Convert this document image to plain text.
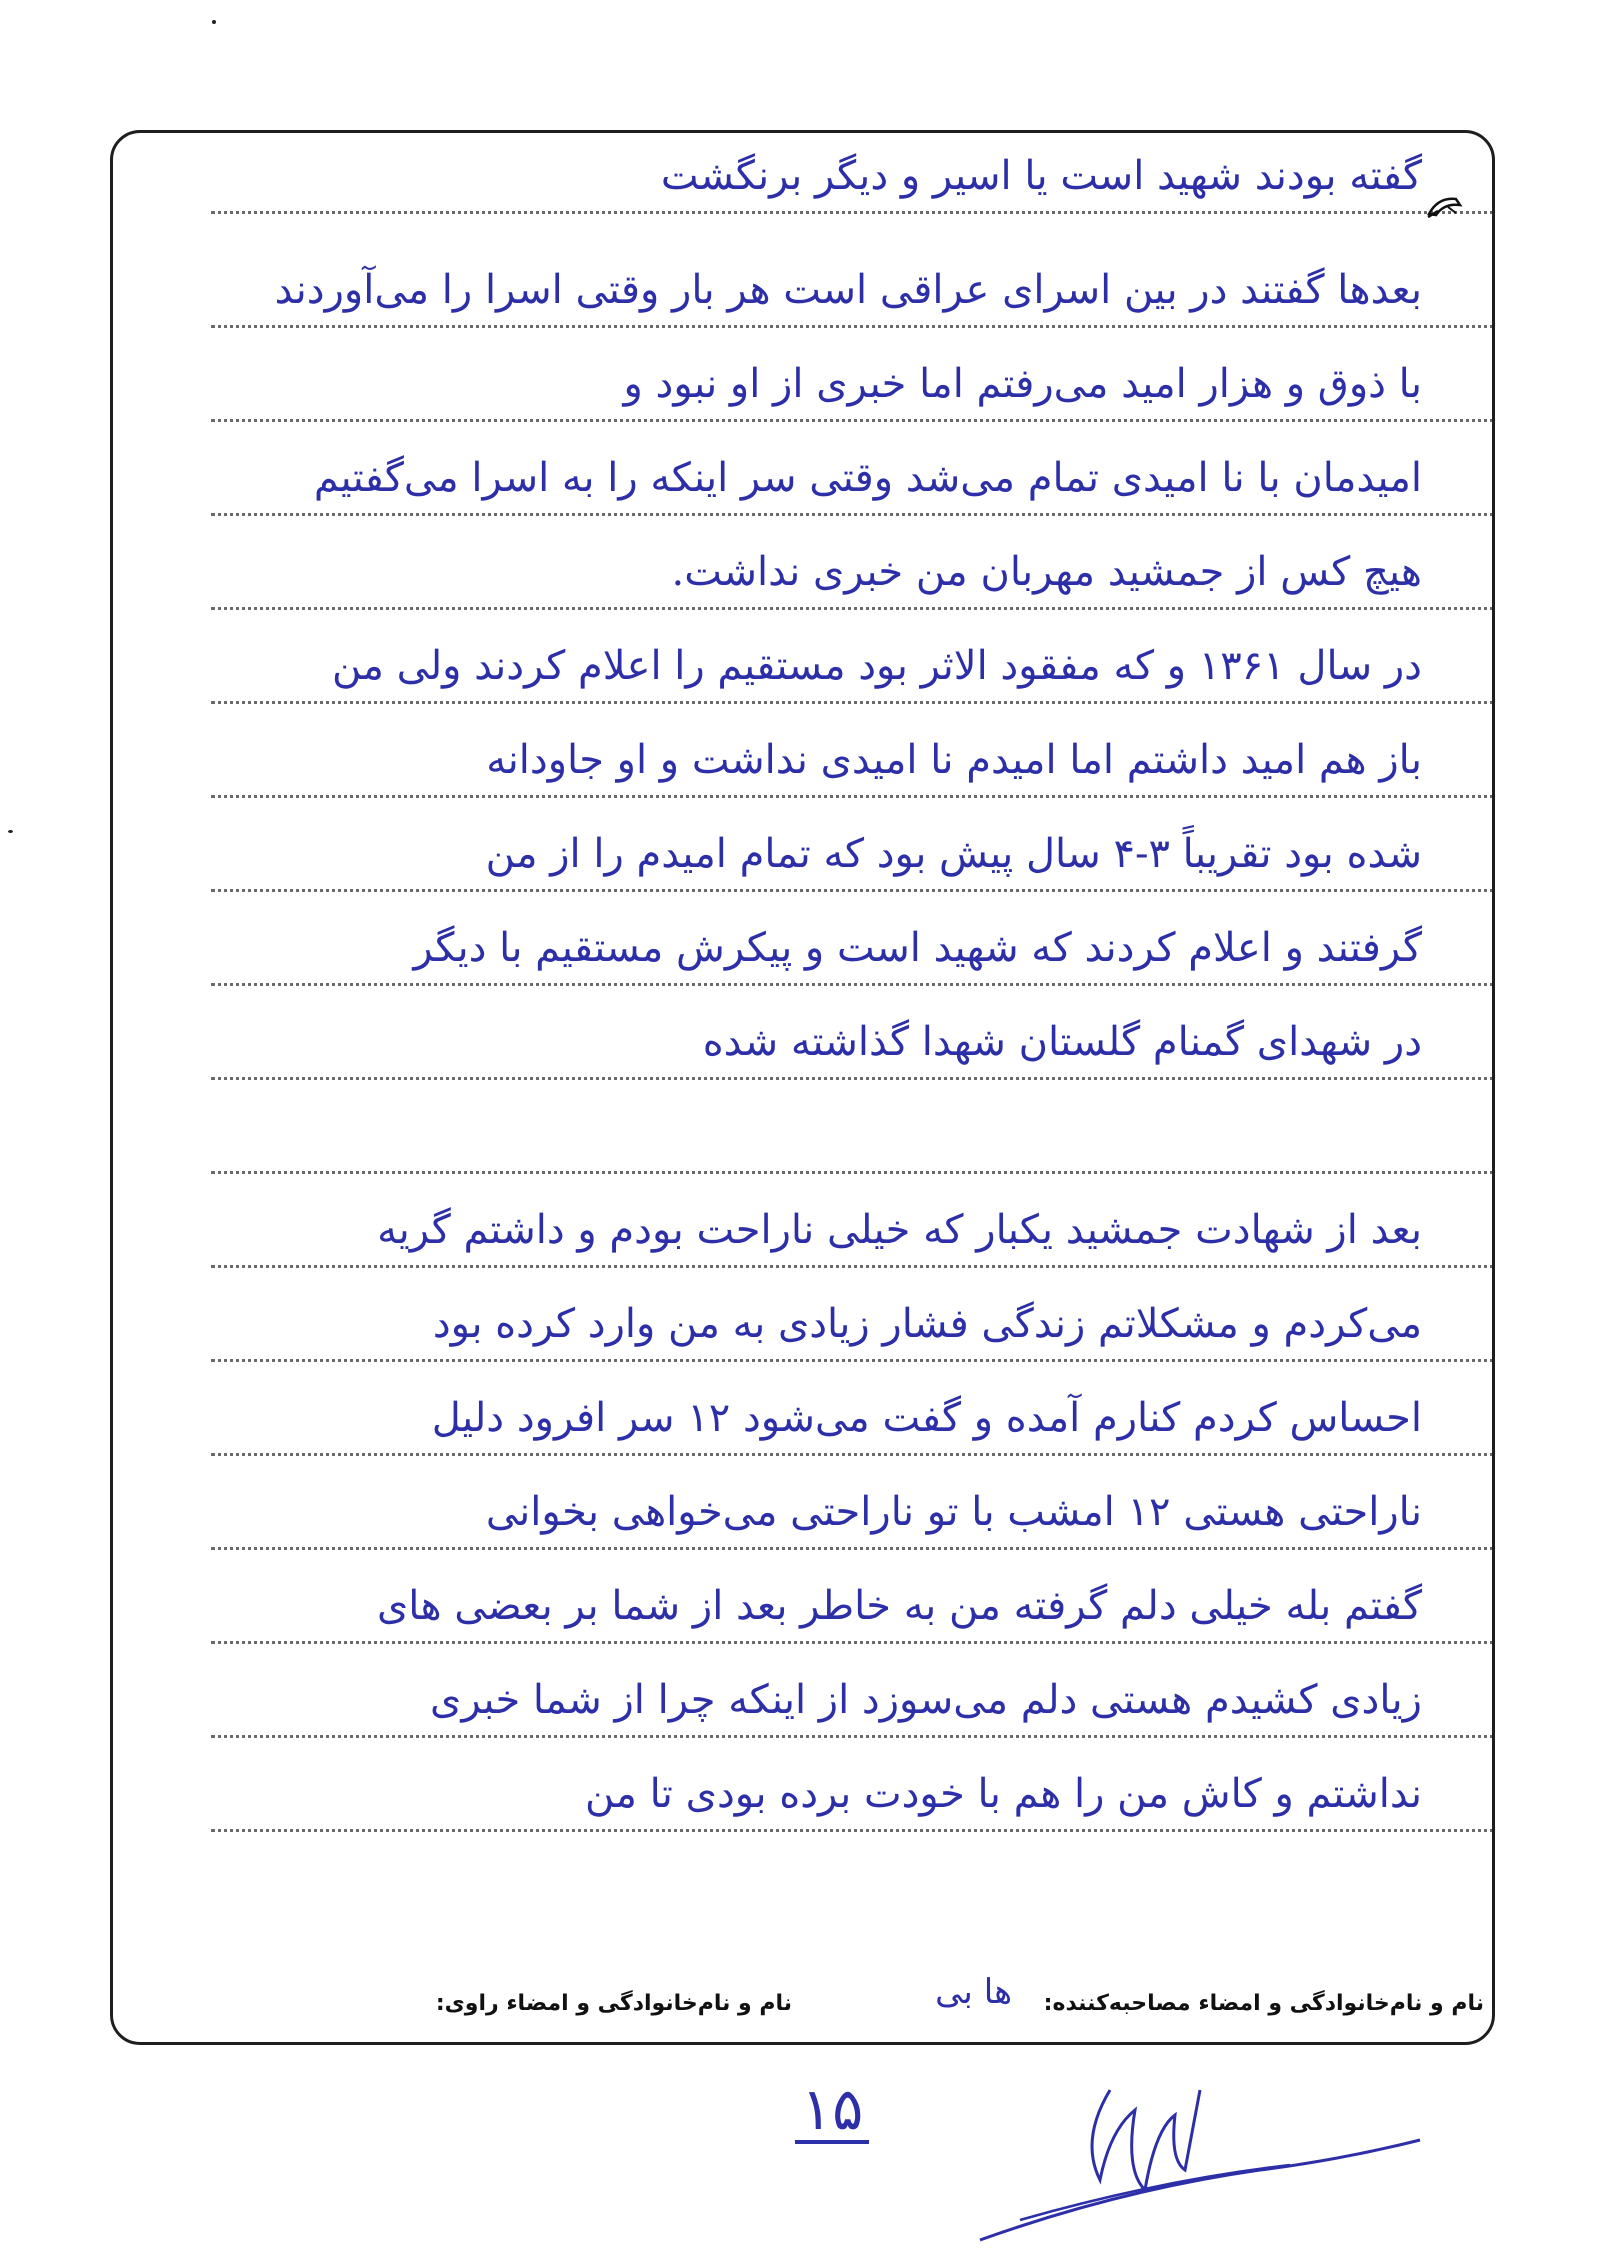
گفته بودند شهید است یا اسیر و دیگر برنگشت
بعدها گفتند در بین اسرای عراقی است هر بار وقتی اسرا را می‌آوردند
با ذوق و هزار امید می‌رفتم اما خبری از او نبود و
امیدمان با نا امیدی تمام می‌شد وقتی سر اینکه را به اسرا می‌گفتیم
هیچ کس از جمشید مهربان من خبری نداشت.
در سال ۱۳۶۱ و که مفقود الاثر بود مستقیم را اعلام کردند ولی من
باز هم امید داشتم اما امیدم نا امیدی نداشت و او جاودانه
شده بود تقریباً ۳-۴ سال پیش بود که تمام امیدم را از من
گرفتند و اعلام کردند که شهید است و پیکرش مستقیم با دیگر
در شهدای گمنام گلستان شهدا گذاشته شده
بعد از شهادت جمشید یکبار که خیلی ناراحت بودم و داشتم گریه
می‌کردم و مشکلاتم زندگی فشار زیادی به من وارد کرده بود
احساس کردم کنارم آمده و گفت می‌شود ۱۲ سر افرود دلیل
ناراحتی هستی ۱۲ امشب با تو ناراحتی می‌خواهی بخوانی
گفتم بله خیلی دلم گرفته من به خاطر بعد از شما بر بعضی های
زیادی کشیدم هستی دلم می‌سوزد از اینکه چرا از شما خبری
نداشتم و کاش من را هم با خودت برده بودی تا من
نام و نام‌خانوادگی و امضاء مصاحبه‌کننده:
ها بی
نام و نام‌خانوادگی و امضاء راوی:
۱۵
